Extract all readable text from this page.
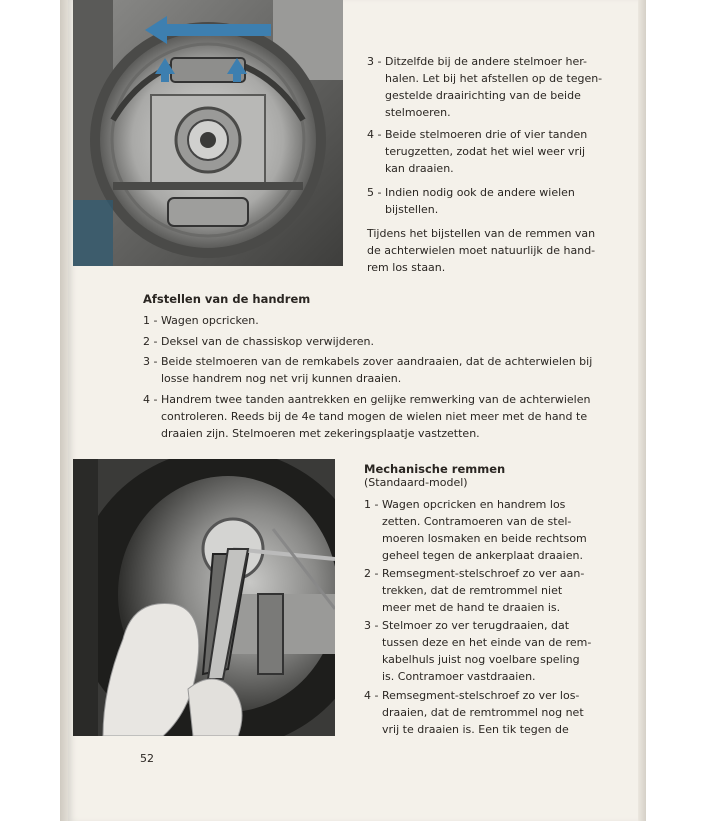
3 - Ditzelfde bij de andere stelmoer her-
halen. Let bij het afstellen op de tegen-
gestelde draairichting van de beide
stelmoeren.
4 - Beide stelmoeren drie of vier tanden
terugzetten, zodat het wiel weer vrij
kan draaien.
5 - Indien nodig ook de andere wielen
bijstellen.
Tijdens het bijstellen van de remmen van
de achterwielen moet natuurlijk de hand-
rem los staan.
Afstellen van de handrem
1 - Wagen opcricken.
2 - Deksel van de chassiskop verwijderen.
3 - Beide stelmoeren van de remkabels zover aandraaien, dat de achterwielen bij
losse handrem nog net vrij kunnen draaien.
4 - Handrem twee tanden aantrekken en gelijke remwerking van de achterwielen
controleren. Reeds bij de 4e tand mogen de wielen niet meer met de hand te
draaien zijn. Stelmoeren met zekeringsplaatje vastzetten.
Mechanische remmen
(Standaard-model)
1 - Wagen opcricken en handrem los
zetten. Contramoeren van de stel-
moeren losmaken en beide rechtsom
geheel tegen de ankerplaat draaien.
2 - Remsegment-stelschroef zo ver aan-
trekken, dat de remtrommel niet
meer met de hand te draaien is.
3 - Stelmoer zo ver terugdraaien, dat
tussen deze en het einde van de rem-
kabelhuls juist nog voelbare speling
is. Contramoer vastdraaien.
4 - Remsegment-stelschroef zo ver los-
draaien, dat de remtrommel nog net
vrij te draaien is. Een tik tegen de
52
